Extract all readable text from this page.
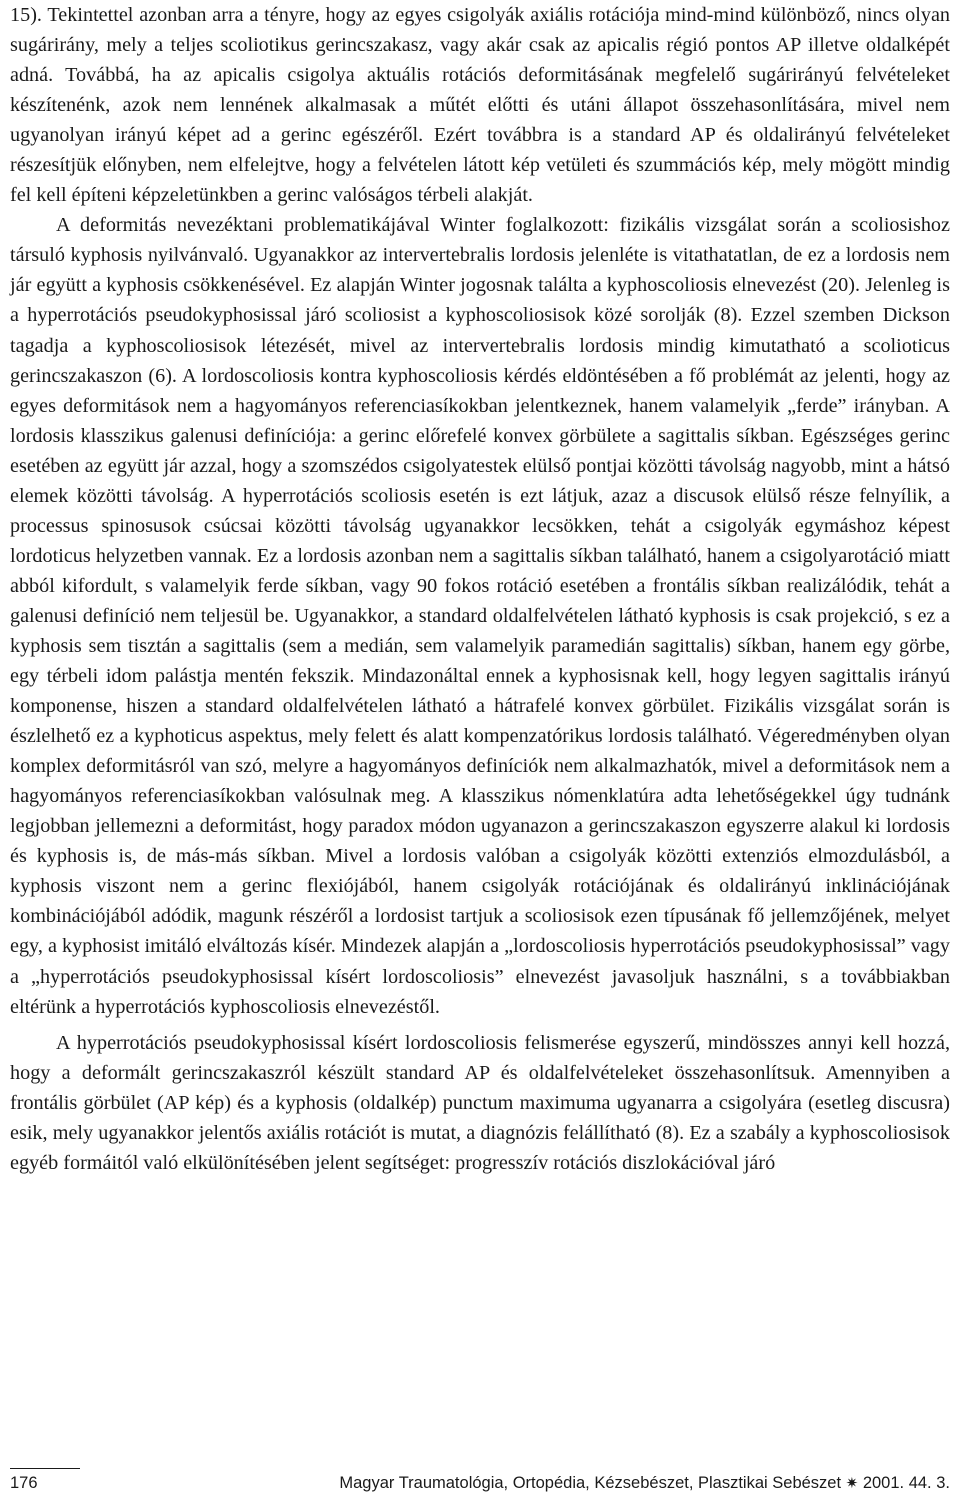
15). Tekintettel azonban arra a tényre, hogy az egyes csigolyák axiális rotációja mind-mind különböző, nincs olyan sugárirány, mely a teljes scoliotikus gerincszakasz, vagy akár csak az apicalis régió pontos AP illetve oldalképét adná. Továbbá, ha az apicalis csigolya aktuális rotációs deformitásának megfelelő sugárirányú felvételeket készítenénk, azok nem lennének alkalmasak a műtét előtti és utáni állapot összehasonlítására, mivel nem ugyanolyan irányú képet ad a gerinc egészéről. Ezért továbbra is a standard AP és oldalirányú felvételeket részesítjük előnyben, nem elfelejtve, hogy a felvételen látott kép vetületi és szummációs kép, mely mögött mindig fel kell építeni képzeletünkben a gerinc valóságos térbeli alakját.

A deformitás nevezéktani problematikájával Winter foglalkozott: fizikális vizsgálat során a scoliosishoz társuló kyphosis nyilvánvaló. Ugyanakkor az intervertebralis lordosis jelenléte is vitathatatlan, de ez a lordosis nem jár együtt a kyphosis csökkenésével. Ez alapján Winter jogosnak találta a kyphoscoliosis elnevezést (20). Jelenleg is a hyperrotációs pseudokyphosissal járó scoliosist a kyphoscoliosisok közé sorolják (8). Ezzel szemben Dickson tagadja a kyphoscoliosisok létezését, mivel az intervertebralis lordosis mindig kimutatható a scolioticus gerincszakaszon (6). A lordoscoliosis kontra kyphoscoliosis kérdés eldöntésében a fő problémát az jelenti, hogy az egyes deformitások nem a hagyományos referenciasíkokban jelentkeznek, hanem valamelyik „ferde” irányban. A lordosis klasszikus galenusi definíciója: a gerinc előrefelé konvex görbülete a sagittalis síkban. Egészséges gerinc esetében az együtt jár azzal, hogy a szomszédos csigolyatestek elülső pontjai közötti távolság nagyobb, mint a hátsó elemek közötti távolság. A hyperrotációs scoliosis esetén is ezt látjuk, azaz a discusok elülső része felnyílik, a processus spinosusok csúcsai közötti távolság ugyanakkor lecsökken, tehát a csigolyák egymáshoz képest lordoticus helyzetben vannak. Ez a lordosis azonban nem a sagittalis síkban található, hanem a csigolyarotáció miatt abból kifordult, s valamelyik ferde síkban, vagy 90 fokos rotáció esetében a frontális síkban realizálódik, tehát a galenusi definíció nem teljesül be. Ugyanakkor, a standard oldalfelvételen látható kyphosis is csak projekció, s ez a kyphosis sem tisztán a sagittalis (sem a medián, sem valamelyik paramedián sagittalis) síkban, hanem egy görbe, egy térbeli idom palástja mentén fekszik. Mindazonáltal ennek a kyphosisnak kell, hogy legyen sagittalis irányú komponense, hiszen a standard oldalfelvételen látható a hátrafelé konvex görbület. Fizikális vizsgálat során is észlelhető ez a kyphoticus aspektus, mely felett és alatt kompenzatórikus lordosis található. Végeredményben olyan komplex deformitásról van szó, melyre a hagyományos definíciók nem alkalmazhatók, mivel a deformitások nem a hagyományos referenciasíkokban valósulnak meg. A klasszikus nómenklatúra adta lehetőségekkel úgy tudnánk legjobban jellemezni a deformitást, hogy paradox módon ugyanazon a gerincszakaszon egyszerre alakul ki lordosis és kyphosis is, de más-más síkban. Mivel a lordosis valóban a csigolyák közötti extenziós elmozdulásból, a kyphosis viszont nem a gerinc flexiójából, hanem csigolyák rotációjának és oldalirányú inklinációjának kombinációjából adódik, magunk részéről a lordosist tartjuk a scoliosisok ezen típusának fő jellemzőjének, melyet egy, a kyphosist imitáló elváltozás kísér. Mindezek alapján a „lordoscoliosis hyperrotációs pseudokyphosissal” vagy a „hyperrotációs pseudokyphosissal kísért lordoscoliosis” elnevezést javasoljuk használni, s a továbbiakban eltérünk a hyperrotációs kyphoscoliosis elnevezéstől.

A hyperrotációs pseudokyphosissal kísért lordoscoliosis felismerése egyszerű, mindösszes annyi kell hozzá, hogy a deformált gerincszakaszról készült standard AP és oldalfelvételeket összehasonlítsuk. Amennyiben a frontális görbület (AP kép) és a kyphosis (oldalkép) punctum maximuma ugyanarra a csigolyára (esetleg discusra) esik, mely ugyanakkor jelentős axiális rotációt is mutat, a diagnózis felállítható (8). Ez a szabály a kyphoscoliosisok egyéb formáitól való elkülönítésében jelent segítséget: progresszív rotációs diszlokációval járó

176	Magyar Traumatológia, Ortopédia, Kézsebészet, Plasztikai Sebészet ✷ 2001. 44. 3.
